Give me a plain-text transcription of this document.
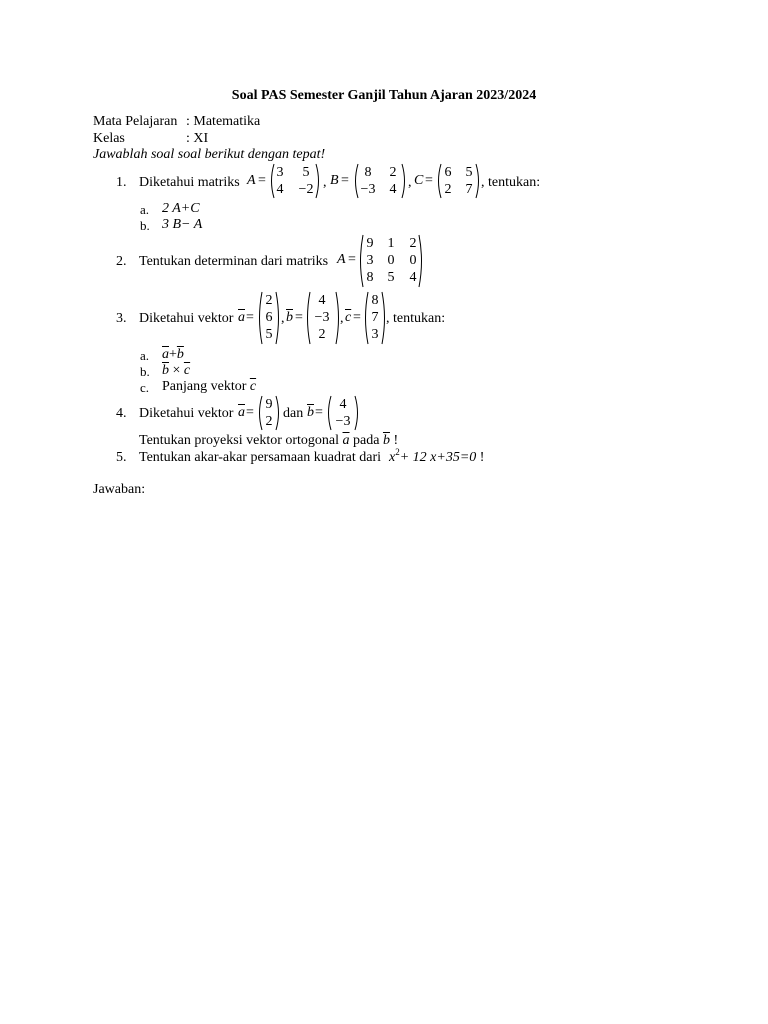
Soal PAS Semester Ganjil Tahun Ajaran 2023/2024
Mata Pelajaran : Matematika
Kelas	: XI
Jawablah soal soal berikut dengan tepat!
1. Diketahui matriks A =
3	5
4	−2 , B =
8	2
−3	4 , C =
6	5
2	7 , tentukan:
a. 2 A+C
b. 3 B− A
2. Tentukan determinan dari matriks A =
9	1	2
3	0	0
8	5	4
3. Diketahui vektor $\overline{a}$ =
2
6
5
, $\overline{b}$ =
4
−3
2
, $\overline{c}$ =
8
7
3
, tentukan:
a. $\overline{a}+\overline{b}$
b. $\overline{b} \times \overline{c}$
c. Panjang vektor $\overline{c}$
4. Diketahui vektor $\overline{a}$ =
9
2
dan $\overline{b}$ =
4
−3
Tentukan proyeksi vektor ortogonal $\overline{a}$ pada $\overline{b}$ !
5. Tentukan akar-akar persamaan kuadrat dari $x^2+ 12$ x+35=0 !
Jawaban:
